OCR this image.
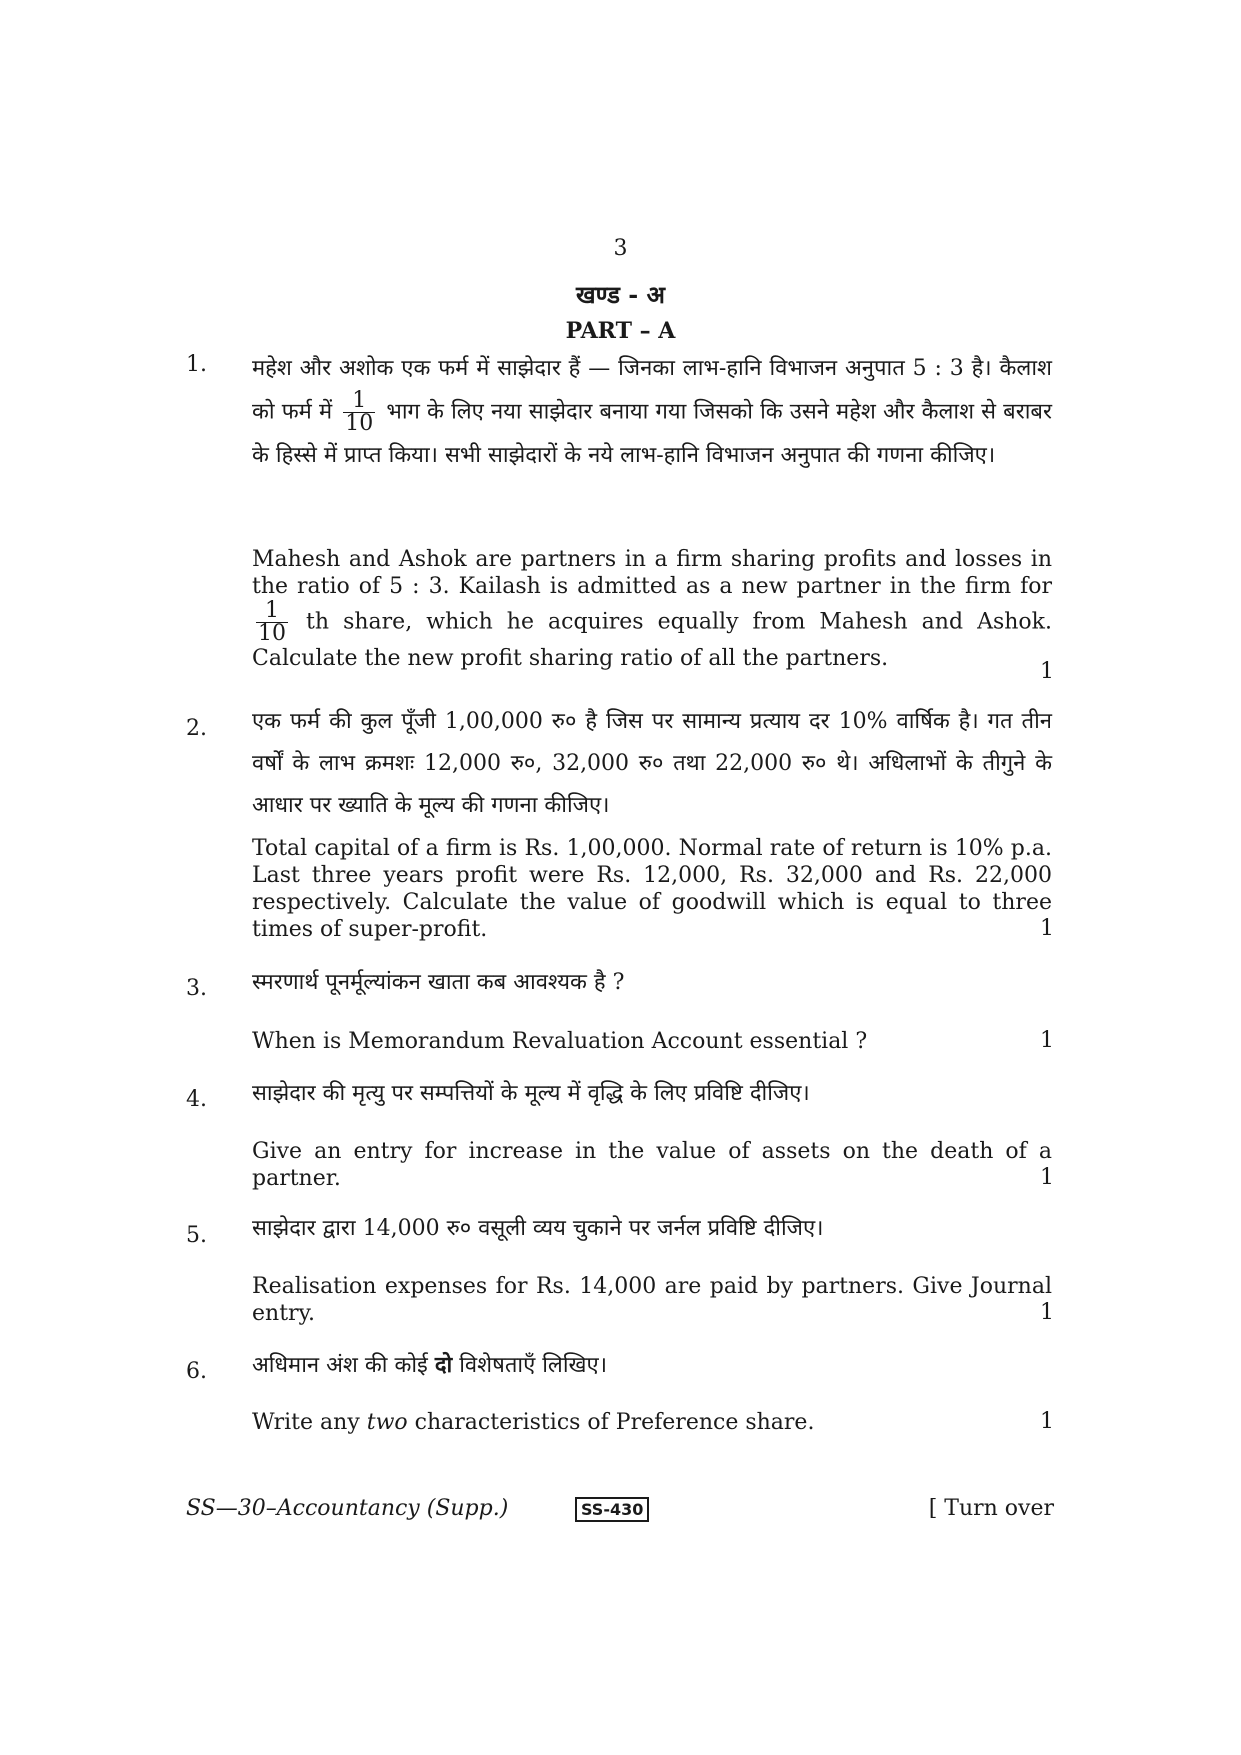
3
खण्ड - अ
PART – A
1. महेश और अशोक एक फर्म में साझेदार हैं — जिनका लाभ-हानि विभाजन अनुपात 5 : 3 है। कैलाश को फर्म में $\frac{1}{10}$ भाग के लिए नया साझेदार बनाया गया जिसको कि उसने महेश और कैलाश से बराबर के हिस्से में प्राप्त किया। सभी साझेदारों के नये लाभ-हानि विभाजन अनुपात की गणना कीजिए।
Mahesh and Ashok are partners in a firm sharing profits and losses in the ratio of 5 : 3. Kailash is admitted as a new partner in the firm for
$\frac{1}{10}$ th share, which he acquires equally from Mahesh and Ashok. Calculate the new profit sharing ratio of all the partners.
1
2. एक फर्म की कुल पूँजी 1,00,000 रु० है जिस पर सामान्य प्रत्याय दर 10% वार्षिक है। गत तीन वर्षों के लाभ क्रमशः 12,000 रु०, 32,000 रु० तथा 22,000 रु० थे। अधिलाभों के तीगुने के आधार पर ख्याति के मूल्य की गणना कीजिए।
Total capital of a firm is Rs. 1,00,000. Normal rate of return is 10% p.a. Last three years profit were Rs. 12,000, Rs. 32,000 and Rs. 22,000 respectively. Calculate the value of goodwill which is equal to three times of super-profit.	1
3. स्मरणार्थ पूनर्मूल्यांकन खाता कब आवश्यक है ?
When is Memorandum Revaluation Account essential ?	1
4. साझेदार की मृत्यु पर सम्पत्तियों के मूल्य में वृद्धि के लिए प्रविष्टि दीजिए।
Give an entry for increase in the value of assets on the death of a partner.	1
5. साझेदार द्वारा 14,000 रु० वसूली व्यय चुकाने पर जर्नल प्रविष्टि दीजिए।
Realisation expenses for Rs. 14,000 are paid by partners. Give Journal entry.	1
6. अधिमान अंश की कोई दो विशेषताएँ लिखिए।
Write any two characteristics of Preference share.	1
SS—30–Accountancy (Supp.)	SS-430	[ Turn over
